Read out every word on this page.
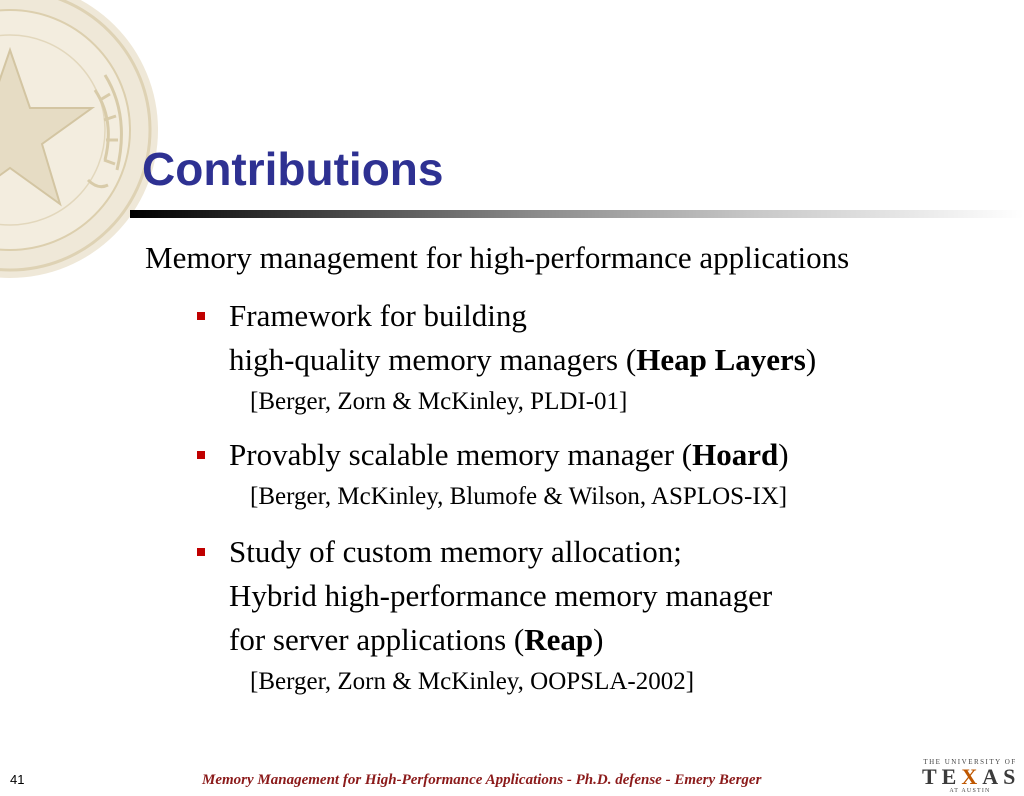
Contributions

Memory management for high-performance applications

Framework for building
high-quality memory managers (Heap Layers)
[Berger, Zorn & McKinley, PLDI-01]
Provably scalable memory manager (Hoard)
[Berger, McKinley, Blumofe & Wilson, ASPLOS-IX]
Study of custom memory allocation;
Hybrid high-performance memory manager
for server applications (Reap)
[Berger, Zorn & McKinley, OOPSLA-2002]
41	Memory Management for High-Performance Applications - Ph.D. defense - Emery Berger
THE UNIVERSITY OF
TEXAS
AT AUSTIN
